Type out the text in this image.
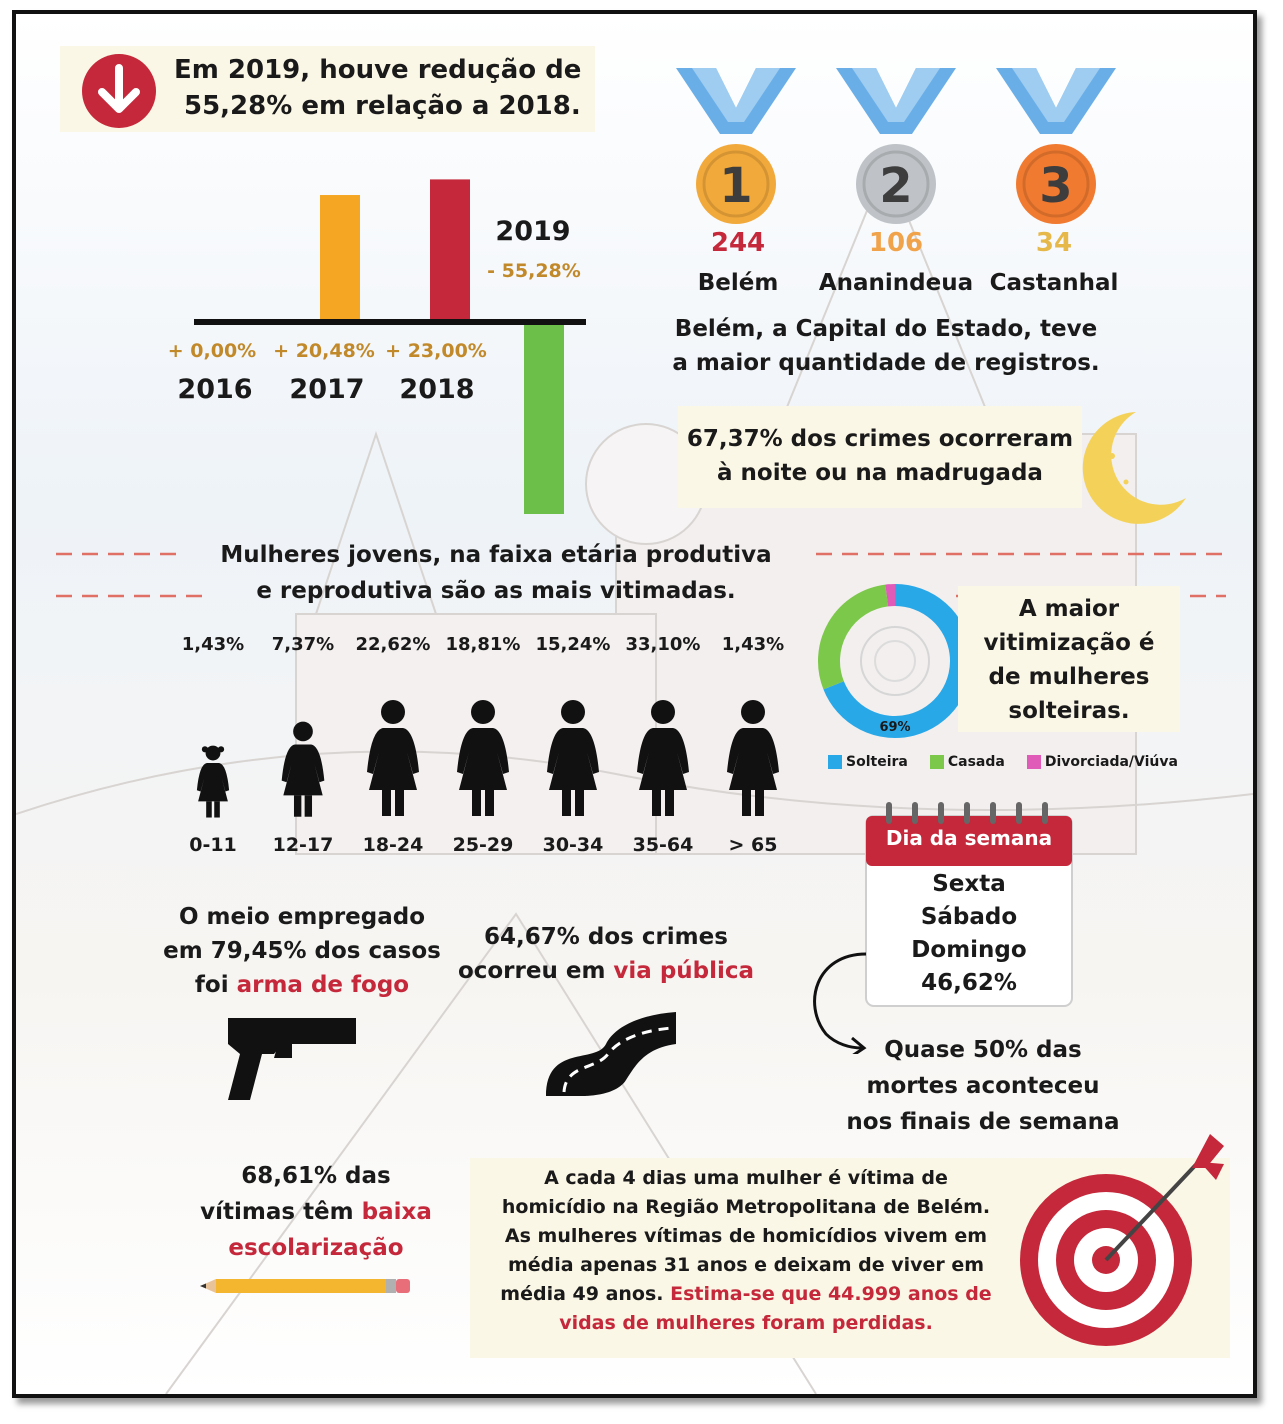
Em 2019, houve redução de
55,28% em relação a 2018.
+ 0,00% + 20,48% + 23,00%
2016	2017	2018
2019
- 55,28%
1	2	3
244	106	34
Belém	Ananindeua Castanhal
Belém, a Capital do Estado, teve
a maior quantidade de registros.
67,37% dos crimes ocorreram
à noite ou na madrugada
Mulheres jovens, na faixa etária produtiva
e reprodutiva são as mais vitimadas.
1,43%
0-11
7,37%
12-17
22,62%
18-24
18,81%
25-29
15,24%
30-34
33,10%
35-64
1,43%
> 65
69%
A maior
vitimização é
de mulheres
solteiras.
Solteira	Casada	Divorciada/Viúva
O meio empregado
em 79,45% dos casos
foi arma de fogo
64,67% dos crimes
ocorreu em via pública
Dia da semana
Sexta
Sábado
Domingo
46,62%
Quase 50% das
mortes aconteceu
nos finais de semana
68,61% das
vítimas têm baixa
escolarização
A cada 4 dias uma mulher é vítima de
homicídio na Região Metropolitana de Belém.
As mulheres vítimas de homicídios vivem em
média apenas 31 anos e deixam de viver em
média 49 anos. Estima-se que 44.999 anos de
vidas de mulheres foram perdidas.
